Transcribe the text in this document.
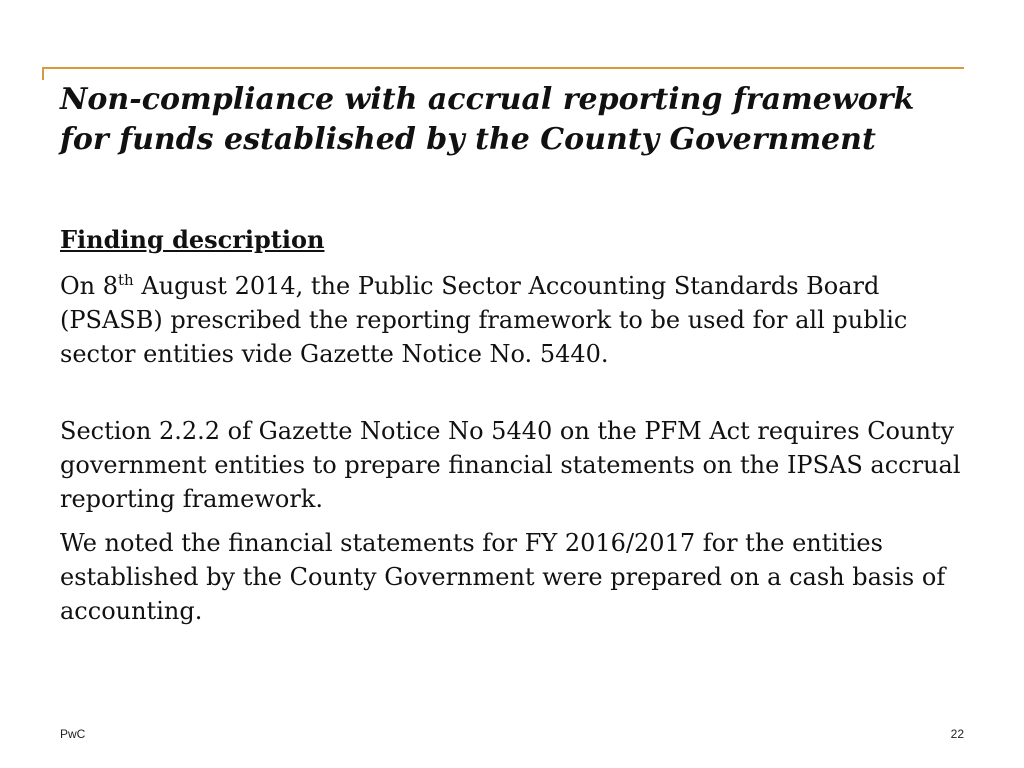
Non-compliance with accrual reporting framework for funds established by the County Government

Finding description

On 8th August 2014, the Public Sector Accounting Standards Board (PSASB) prescribed the reporting framework to be used for all public sector entities vide Gazette Notice No. 5440.

Section 2.2.2 of Gazette Notice No 5440 on the PFM Act requires County government entities to prepare financial statements on the IPSAS accrual reporting framework.

We noted the financial statements for FY 2016/2017 for the entities established by the County Government were prepared on a cash basis of accounting.

PwC	22
